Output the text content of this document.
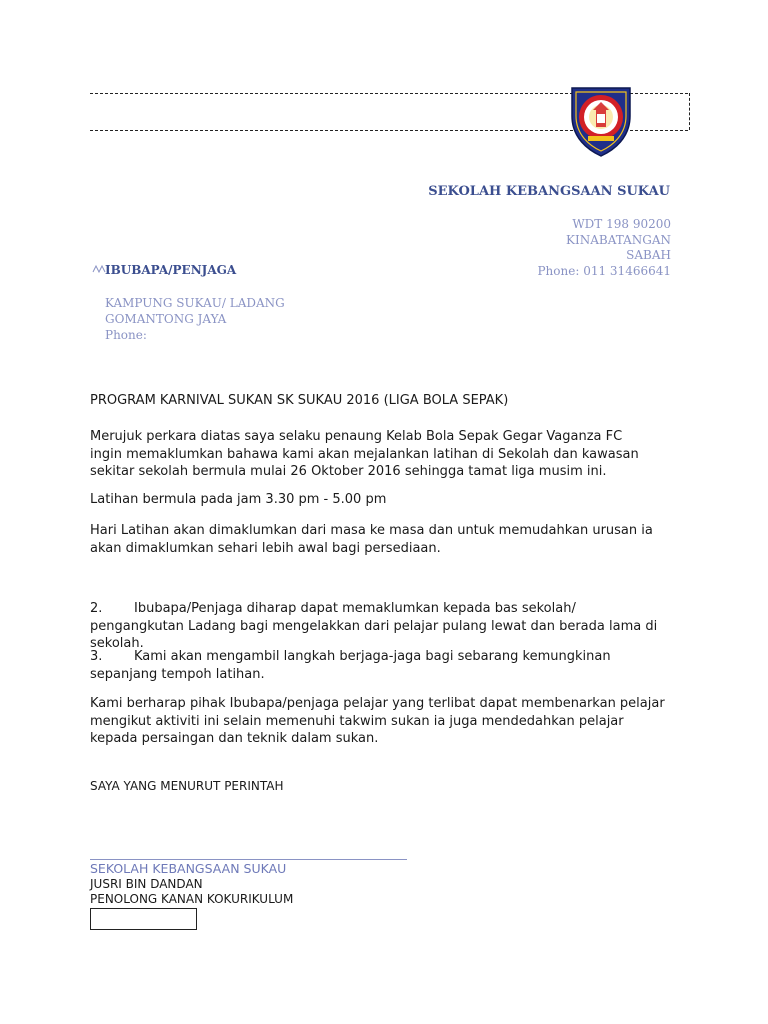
SEKOLAH KEBANGSAAN SUKAU
WDT 198 90200
KINABATANGAN
SABAH
Phone: 011 31466641
IBUBAPA/PENJAGA
KAMPUNG SUKAU/ LADANG
GOMANTONG JAYA
Phone:
PROGRAM KARNIVAL SUKAN SK SUKAU 2016 (LIGA BOLA SEPAK)
Merujuk perkara diatas saya selaku penaung Kelab Bola Sepak Gegar Vaganza FC ingin memaklumkan bahawa kami akan mejalankan latihan di Sekolah dan kawasan sekitar sekolah bermula mulai 26 Oktober 2016 sehingga tamat liga musim ini.
Latihan bermula pada jam 3.30 pm - 5.00 pm
Hari Latihan akan dimaklumkan dari masa ke masa dan untuk memudahkan urusan ia akan dimaklumkan sehari lebih awal bagi persediaan.
2. Ibubapa/Penjaga diharap dapat memaklumkan kepada bas sekolah/ pengangkutan Ladang bagi mengelakkan dari pelajar pulang lewat dan berada lama di sekolah.
3. Kami akan mengambil langkah berjaga-jaga bagi sebarang kemungkinan sepanjang tempoh latihan.
Kami berharap pihak Ibubapa/penjaga pelajar yang terlibat dapat membenarkan pelajar mengikut aktiviti ini selain memenuhi takwim sukan ia juga mendedahkan pelajar kepada persaingan dan teknik dalam sukan.
SAYA YANG MENURUT PERINTAH
SEKOLAH KEBANGSAAN SUKAU
JUSRI BIN DANDAN
PENOLONG KANAN KOKURIKULUM
